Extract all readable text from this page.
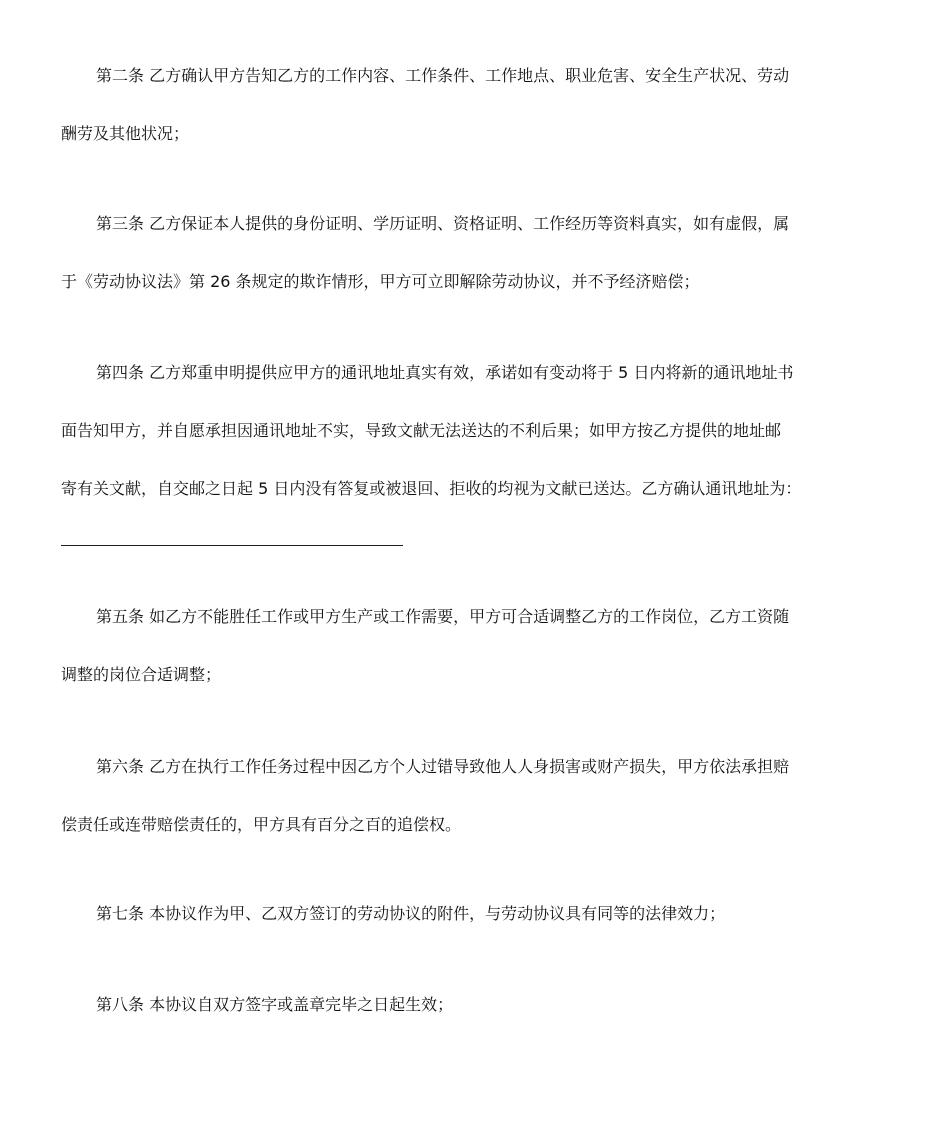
第二条 乙方确认甲方告知乙方的工作内容、工作条件、工作地点、职业危害、安全生产状况、劳动
酬劳及其他状况；
第三条 乙方保证本人提供的身份证明、学历证明、资格证明、工作经历等资料真实，如有虚假，属
于《劳动协议法》第 26 条规定的欺诈情形，甲方可立即解除劳动协议，并不予经济赔偿；
第四条 乙方郑重申明提供应甲方的通讯地址真实有效，承诺如有变动将于 5 日内将新的通讯地址书
面告知甲方，并自愿承担因通讯地址不实，导致文献无法送达的不利后果；如甲方按乙方提供的地址邮
寄有关文献，自交邮之日起 5 日内没有答复或被退回、拒收的均视为文献已送达。乙方确认通讯地址为：
第五条 如乙方不能胜任工作或甲方生产或工作需要，甲方可合适调整乙方的工作岗位，乙方工资随
调整的岗位合适调整；
第六条 乙方在执行工作任务过程中因乙方个人过错导致他人人身损害或财产损失，甲方依法承担赔
偿责任或连带赔偿责任的，甲方具有百分之百的追偿权。
第七条 本协议作为甲、乙双方签订的劳动协议的附件，与劳动协议具有同等的法律效力；
第八条 本协议自双方签字或盖章完毕之日起生效；
